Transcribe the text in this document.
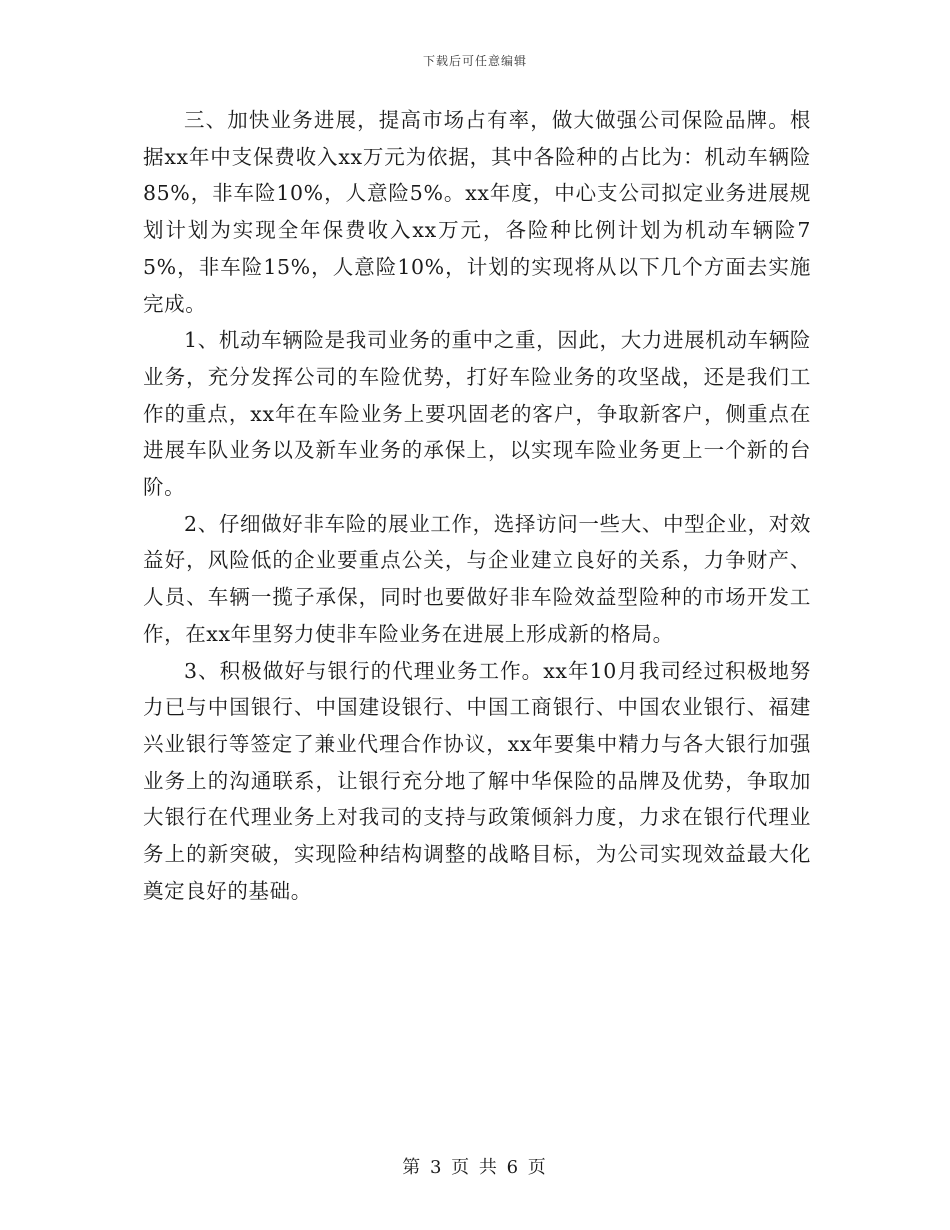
下载后可任意编辑

三、加快业务进展，提高市场占有率，做大做强公司保险品牌。根据xx年中支保费收入xx万元为依据，其中各险种的占比为：机动车辆险85%，非车险10%，人意险5%。xx年度，中心支公司拟定业务进展规划计划为实现全年保费收入xx万元，各险种比例计划为机动车辆险75%，非车险15%，人意险10%，计划的实现将从以下几个方面去实施完成。

1、机动车辆险是我司业务的重中之重，因此，大力进展机动车辆险业务，充分发挥公司的车险优势，打好车险业务的攻坚战，还是我们工作的重点，xx年在车险业务上要巩固老的客户，争取新客户，侧重点在进展车队业务以及新车业务的承保上，以实现车险业务更上一个新的台阶。

2、仔细做好非车险的展业工作，选择访问一些大、中型企业，对效益好，风险低的企业要重点公关，与企业建立良好的关系，力争财产、人员、车辆一揽子承保，同时也要做好非车险效益型险种的市场开发工作，在xx年里努力使非车险业务在进展上形成新的格局。

3、积极做好与银行的代理业务工作。xx年10月我司经过积极地努力已与中国银行、中国建设银行、中国工商银行、中国农业银行、福建兴业银行等签定了兼业代理合作协议，xx年要集中精力与各大银行加强业务上的沟通联系，让银行充分地了解中华保险的品牌及优势，争取加大银行在代理业务上对我司的支持与政策倾斜力度，力求在银行代理业务上的新突破，实现险种结构调整的战略目标，为公司实现效益最大化奠定良好的基础。

第 3 页 共 6 页
